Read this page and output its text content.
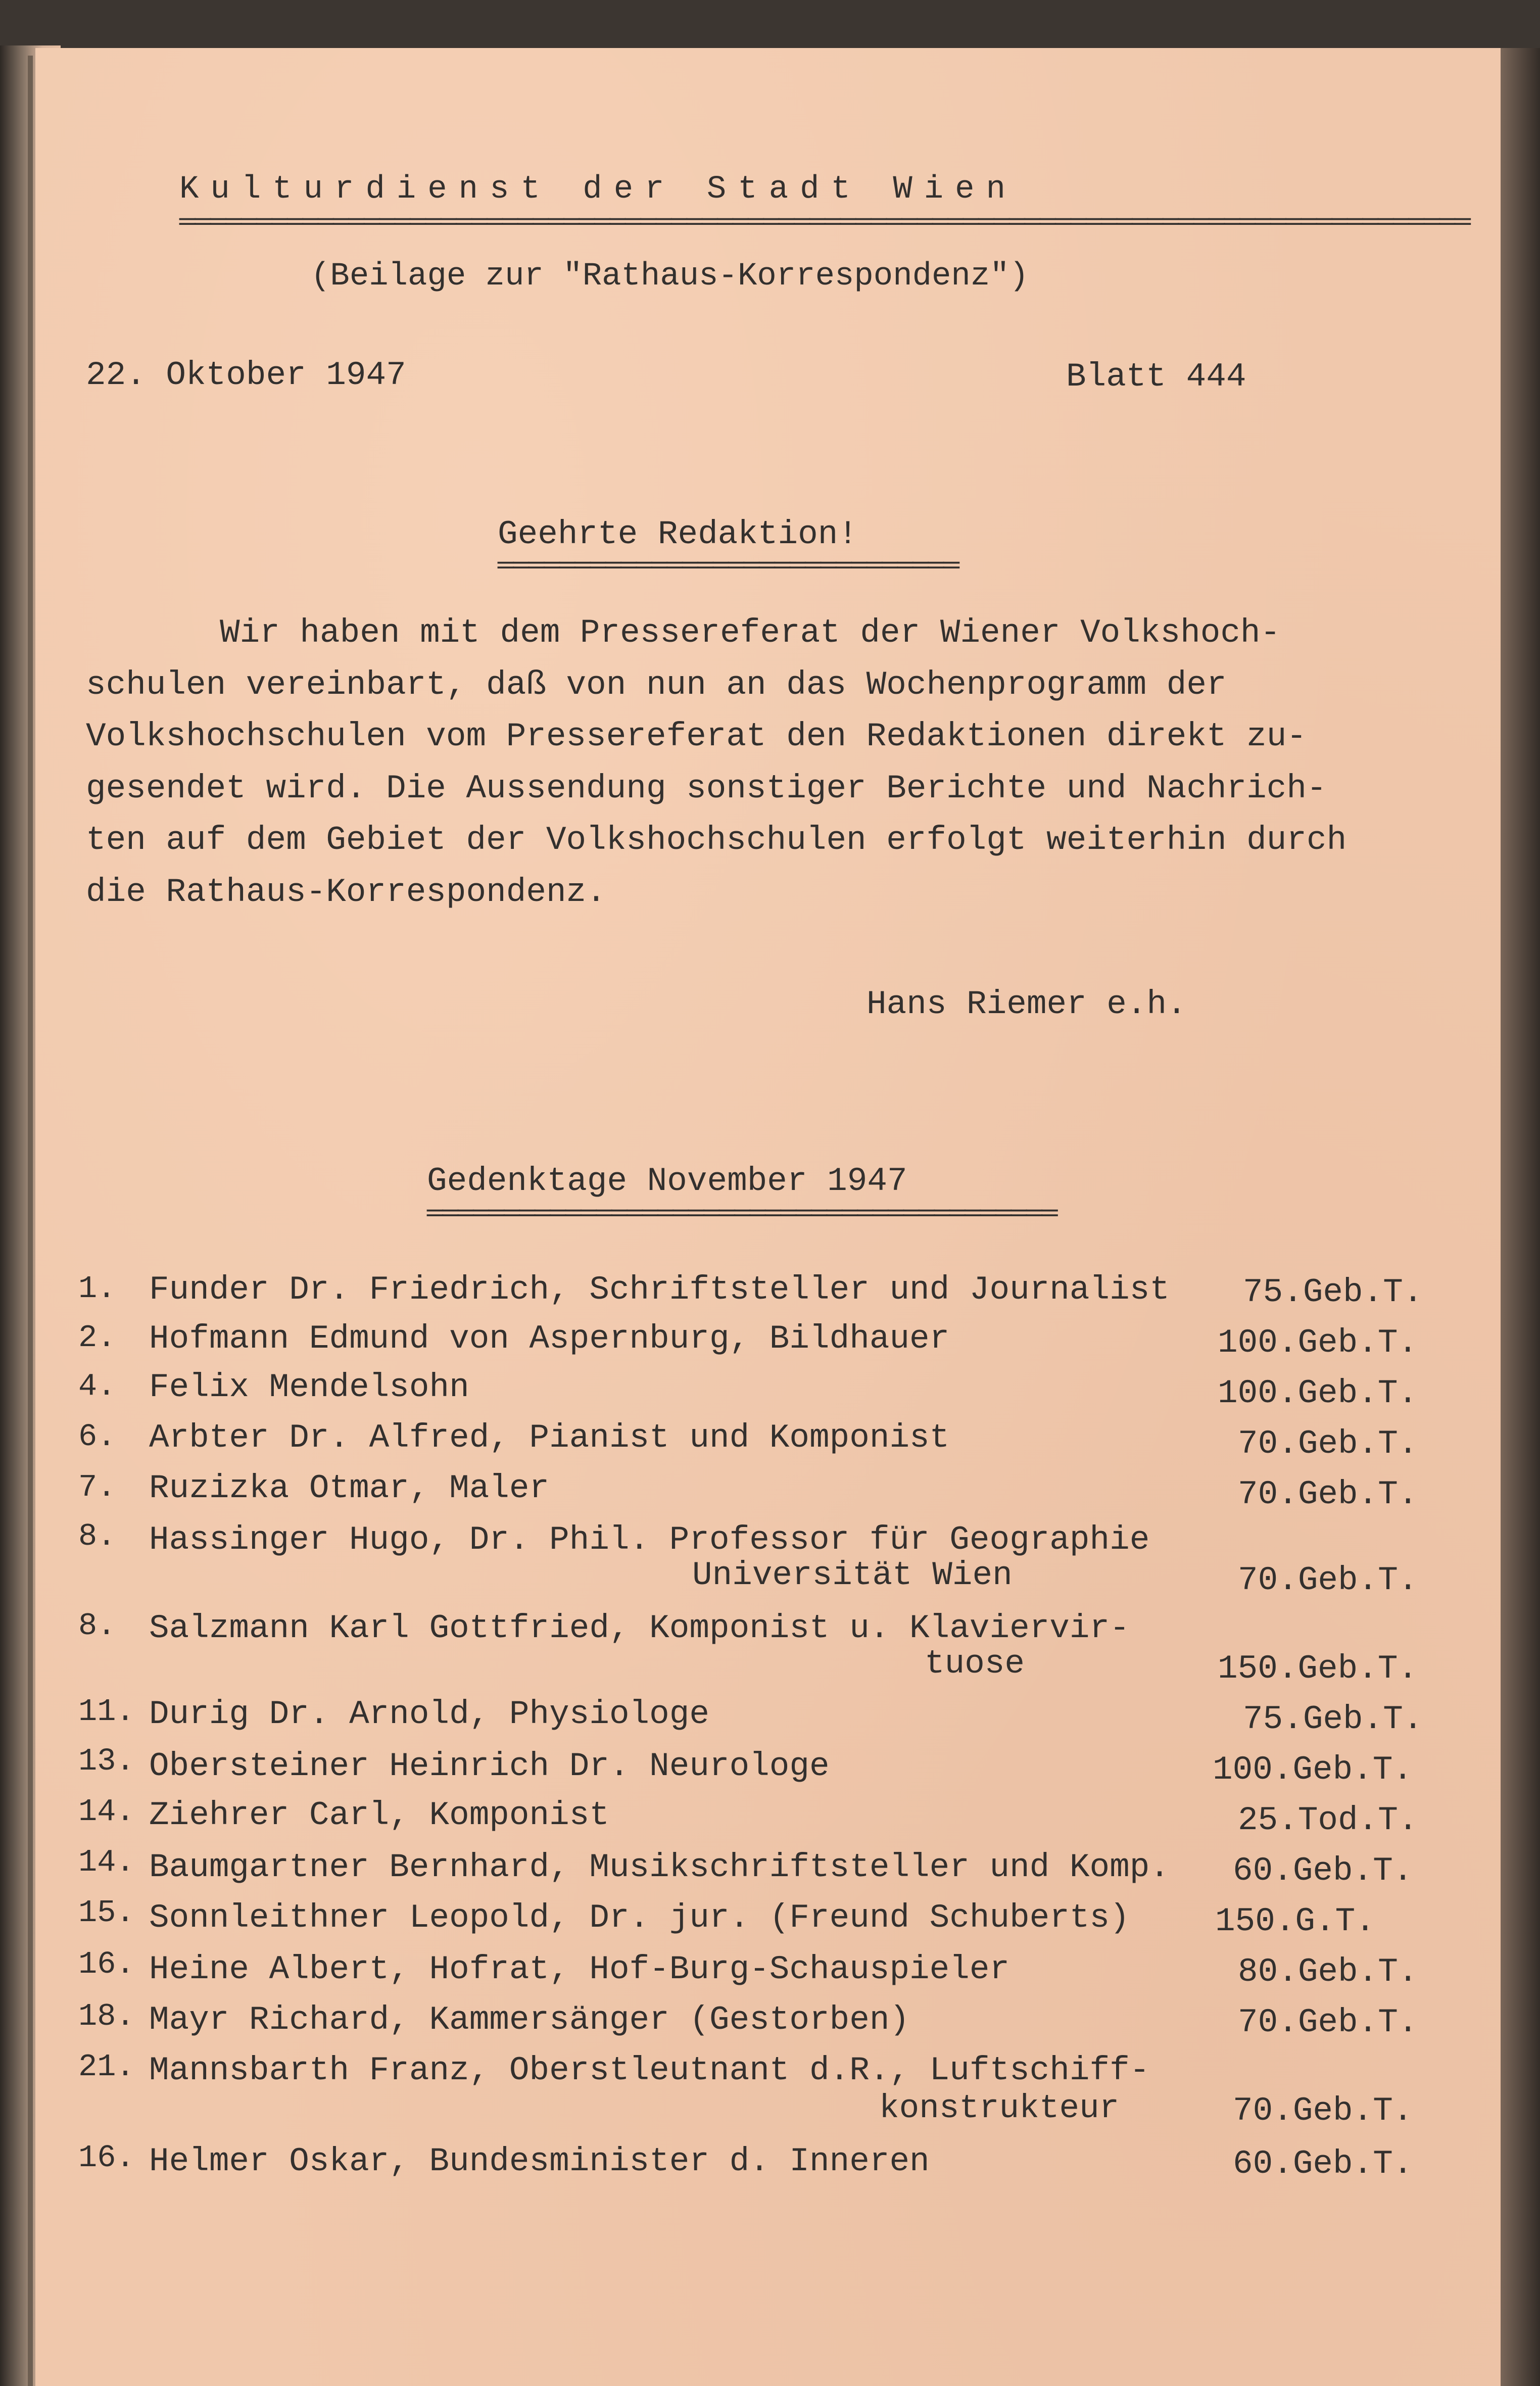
Kulturdienst der Stadt Wien
════════════════════════════════════════════════════════════════════════════════════
(Beilage zur "Rathaus-Korrespondenz")
22. Oktober 1947	Blatt 444
Geehrte Redaktion!
══════════════════════════════
Wir haben mit dem Pressereferat der Wiener Volkshoch-
schulen vereinbart, daß von nun an das Wochenprogramm der
Volkshochschulen vom Pressereferat den Redaktionen direkt zu-
gesendet wird. Die Aussendung sonstiger Berichte und Nachrich-
ten auf dem Gebiet der Volkshochschulen erfolgt weiterhin durch
die Rathaus-Korrespondenz.
Hans Riemer e.h.
Gedenktage November 1947
═════════════════════════════════════════
1. Funder Dr. Friedrich, Schriftsteller und Journalist 75.Geb.T.
2. Hofmann Edmund von Aspernburg, Bildhauer	100.Geb.T.
4. Felix Mendelsohn	100.Geb.T.
6. Arbter Dr. Alfred, Pianist und Komponist	70.Geb.T.
7. Ruzizka Otmar, Maler	70.Geb.T.
8. Hassinger Hugo, Dr. Phil. Professor für Geographie
Universität Wien	70.Geb.T.
8. Salzmann Karl Gottfried, Komponist u. Klaviervir-
tuose	150.Geb.T.
11. Durig Dr. Arnold, Physiologe	75.Geb.T.
13. Obersteiner Heinrich Dr. Neurologe	100.Geb.T.
14. Ziehrer Carl, Komponist	25.Tod.T.
14. Baumgartner Bernhard, Musikschriftsteller und Komp. 60.Geb.T.
15. Sonnleithner Leopold, Dr. jur. (Freund Schuberts)	150.G.T.
16. Heine Albert, Hofrat, Hof-Burg-Schauspieler	80.Geb.T.
18. Mayr Richard, Kammersänger (Gestorben)	70.Geb.T.
21. Mannsbarth Franz, Oberstleutnant d.R., Luftschiff-
konstrukteur	70.Geb.T.
16. Helmer Oskar, Bundesminister d. Inneren	60.Geb.T.
